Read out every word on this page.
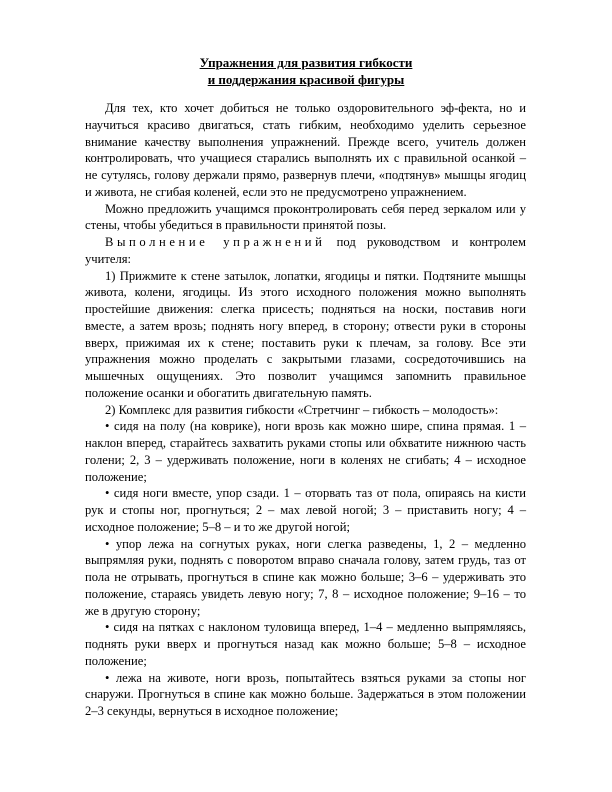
Упражнения для развития гибкости
и поддержания красивой фигуры

Для тех, кто хочет добиться не только оздоровительного эф-фекта, но и научиться красиво двигаться, стать гибким, необходимо уделить серьезное внимание качеству выполнения упражнений. Прежде всего, учитель должен контролировать, что учащиеся старались выполнять их с правильной осанкой – не сутулясь, голову держали прямо, развернув плечи, «подтянув» мышцы ягодиц и живота, не сгибая коленей, если это не предусмотрено упражнением.

Можно предложить учащимся проконтролировать себя перед зеркалом или у стены, чтобы убедиться в правильности принятой позы.

Выполнение упражнений под руководством и контролем учителя:

1) Прижмите к стене затылок, лопатки, ягодицы и пятки. Подтяните мышцы живота, колени, ягодицы. Из этого исходного положения можно выполнять простейшие движения: слегка присесть; подняться на носки, поставив ноги вместе, а затем врозь; поднять ногу вперед, в сторону; отвести руки в стороны вверх, прижимая их к стене; поставить руки к плечам, за голову. Все эти упражнения можно проделать с закрытыми глазами, сосредоточившись на мышечных ощущениях. Это позволит учащимся запомнить правильное положение осанки и обогатить двигательную память.

2) Комплекс для развития гибкости «Стретчинг – гибкость – молодость»:

• сидя на полу (на коврике), ноги врозь как можно шире, спина прямая. 1 – наклон вперед, старайтесь захватить руками стопы или обхватите нижнюю часть голени; 2, 3 – удерживать положение, ноги в коленях не сгибать; 4 – исходное положение;

• сидя ноги вместе, упор сзади. 1 – оторвать таз от пола, опираясь на кисти рук и стопы ног, прогнуться; 2 – мах левой ногой; 3 – приставить ногу; 4 – исходное положение; 5–8 – и то же другой ногой;

• упор лежа на согнутых руках, ноги слегка разведены, 1, 2 – медленно выпрямляя руки, поднять с поворотом вправо сначала голову, затем грудь, таз от пола не отрывать, прогнуться в спине как можно больше; 3–6 – удерживать это положение, стараясь увидеть левую ногу; 7, 8 – исходное положение; 9–16 – то же в другую сторону;

• сидя на пятках с наклоном туловища вперед, 1–4 – медленно выпрямляясь, поднять руки вверх и прогнуться назад как можно больше; 5–8 – исходное положение;

• лежа на животе, ноги врозь, попытайтесь взяться руками за стопы ног снаружи. Прогнуться в спине как можно больше. Задержаться в этом положении 2–3 секунды, вернуться в исходное положение;
